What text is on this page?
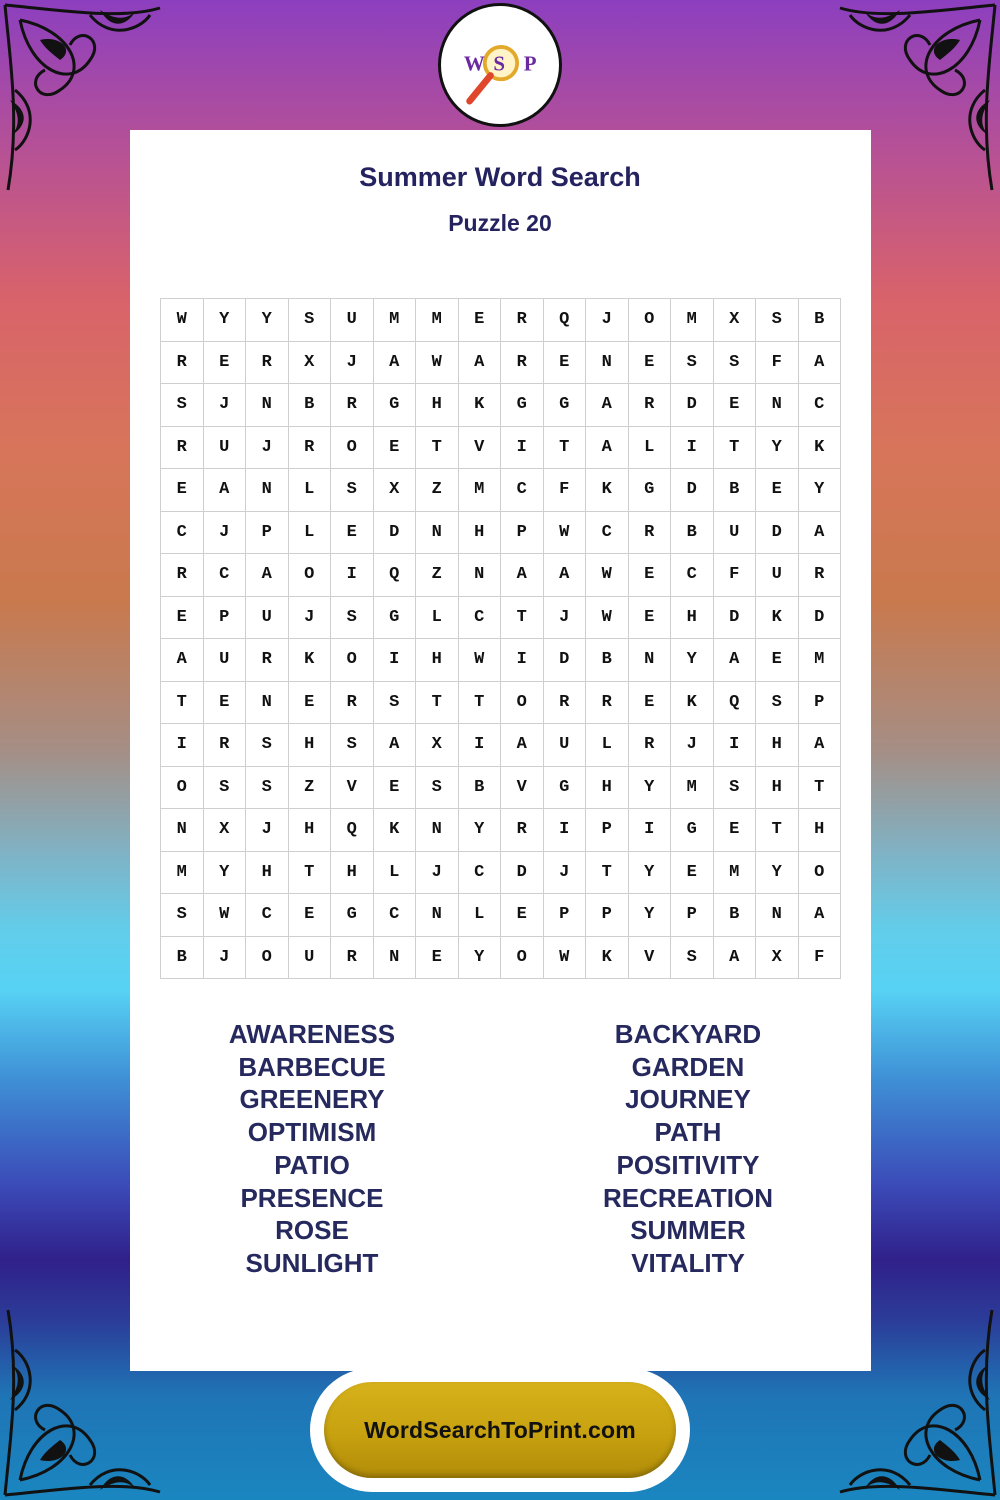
W S P
Summer Word Search
Puzzle 20
W	Y	Y	S	U	M	M	E	R	Q	J	O	M	X	S	B
R	E	R	X	J	A	W	A	R	E	N	E	S	S	F	A
S	J	N	B	R	G	H	K	G	G	A	R	D	E	N	C
R	U	J	R	O	E	T	V	I	T	A	L	I	T	Y	K
E	A	N	L	S	X	Z	M	C	F	K	G	D	B	E	Y
C	J	P	L	E	D	N	H	P	W	C	R	B	U	D	A
R	C	A	O	I	Q	Z	N	A	A	W	E	C	F	U	R
E	P	U	J	S	G	L	C	T	J	W	E	H	D	K	D
A	U	R	K	O	I	H	W	I	D	B	N	Y	A	E	M
T	E	N	E	R	S	T	T	O	R	R	E	K	Q	S	P
I	R	S	H	S	A	X	I	A	U	L	R	J	I	H	A
O	S	S	Z	V	E	S	B	V	G	H	Y	M	S	H	T
N	X	J	H	Q	K	N	Y	R	I	P	I	G	E	T	H
M	Y	H	T	H	L	J	C	D	J	T	Y	E	M	Y	O
S	W	C	E	G	C	N	L	E	P	P	Y	P	B	N	A
B	J	O	U	R	N	E	Y	O	W	K	V	S	A	X	F
AWARENESS
BARBECUE
GREENERY
OPTIMISM
PATIO
PRESENCE
ROSE
SUNLIGHT
BACKYARD
GARDEN
JOURNEY
PATH
POSITIVITY
RECREATION
SUMMER
VITALITY
WordSearchToPrint.com
